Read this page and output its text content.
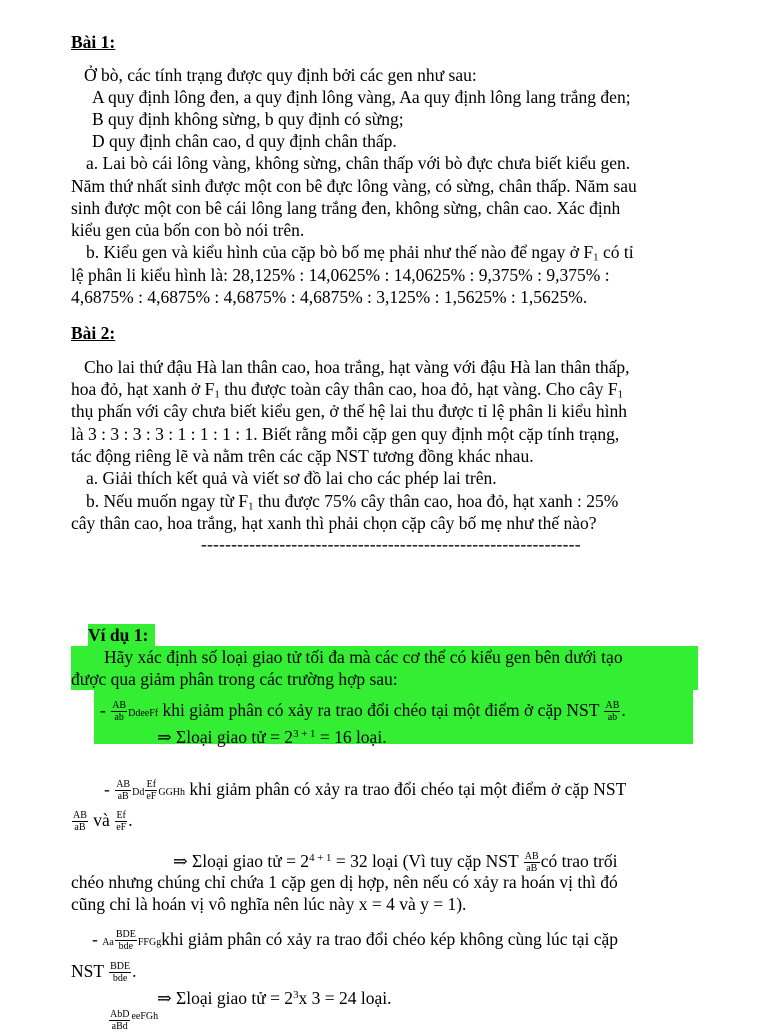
Bài 1:
Ở bò, các tính trạng được quy định bởi các gen như sau:
A quy định lông đen, a quy định lông vàng, Aa quy định lông lang trắng đen;
B quy định không sừng, b quy định có sừng;
D quy định chân cao, d quy định chân thấp.
a. Lai bò cái lông vàng, không sừng, chân thấp với bò đực chưa biết kiểu gen.
Năm thứ nhất sinh được một con bê đực lông vàng, có sừng, chân thấp. Năm sau
sinh được một con bê cái lông lang trắng đen, không sừng, chân cao. Xác định
kiểu gen của bốn con bò nói trên.
b. Kiểu gen và kiểu hình của cặp bò bố mẹ phải như thế nào để ngay ở $F_1$ có tỉ
lệ phân li kiểu hình là: 28,125% : 14,0625% : 14,0625% : 9,375% : 9,375% :
4,6875% : 4,6875% : 4,6875% : 4,6875% : 3,125% : 1,5625% : 1,5625%.
Bài 2:
Cho lai thứ đậu Hà lan thân cao, hoa trắng, hạt vàng với đậu Hà lan thân thấp,
hoa đỏ, hạt xanh ở $F_1$ thu được toàn cây thân cao, hoa đỏ, hạt vàng. Cho cây $F_1$
thụ phấn với cây chưa biết kiểu gen, ở thế hệ lai thu được tỉ lệ phân li kiểu hình
là 3 : 3 : 3 : 3 : 1 : 1 : 1 : 1. Biết rằng mỗi cặp gen quy định một cặp tính trạng,
tác động riêng lẽ và nằm trên các cặp NST tương đồng khác nhau.
a. Giải thích kết quả và viết sơ đồ lai cho các phép lai trên.
b. Nếu muốn ngay từ $F_1$ thu được 75% cây thân cao, hoa đỏ, hạt xanh : 25%
cây thân cao, hoa trắng, hạt xanh thì phải chọn cặp cây bố mẹ như thế nào?
---------------------------------------------------------------
Ví dụ 1:
Hãy xác định số loại giao tử tối đa mà các cơ thể có kiểu gen bên dưới tạo
được qua giảm phân trong các trường hợp sau:
- $\frac{AB}{ab}$ DdeeFf khi giảm phân có xảy ra trao đổi chéo tại một điểm ở cặp NST $\frac{AB}{ab}$ .
⇒ Σloại giao tử = $2^{3 + 1} = 16$ loại.
- $\frac{AB}{aB}$ Dd $\frac{Ef}{eF}$ GGHh khi giảm phân có xảy ra trao đổi chéo tại một điểm ở cặp NST
$\frac{AB}{aB}$ và $\frac{Ef}{eF}$ .
⇒ Σloại giao tử = $2^{4 + 1} = 32$ loại (Vì tuy cặp NST $\frac{AB}{aB}$ có trao trối
chéo nhưng chúng chỉ chứa 1 cặp gen dị hợp, nên nếu có xảy ra hoán vị thì đó
cũng chỉ là hoán vị vô nghĩa nên lúc này x = 4 và y = 1).
- Aa $\frac{\text{BDE}}{\text{bde}}$ FFGgkhi giảm phân có xảy ra trao đổi chéo kép không cùng lúc tại cặp
NST $\frac{\text{BDE}}{\text{bde}}$ .
⇒ Σloại giao tử = $2^3x$ 3 = 24 loại.
$\frac{\text{AbD}}{\text{aBd}} ^{eeFGh}$
